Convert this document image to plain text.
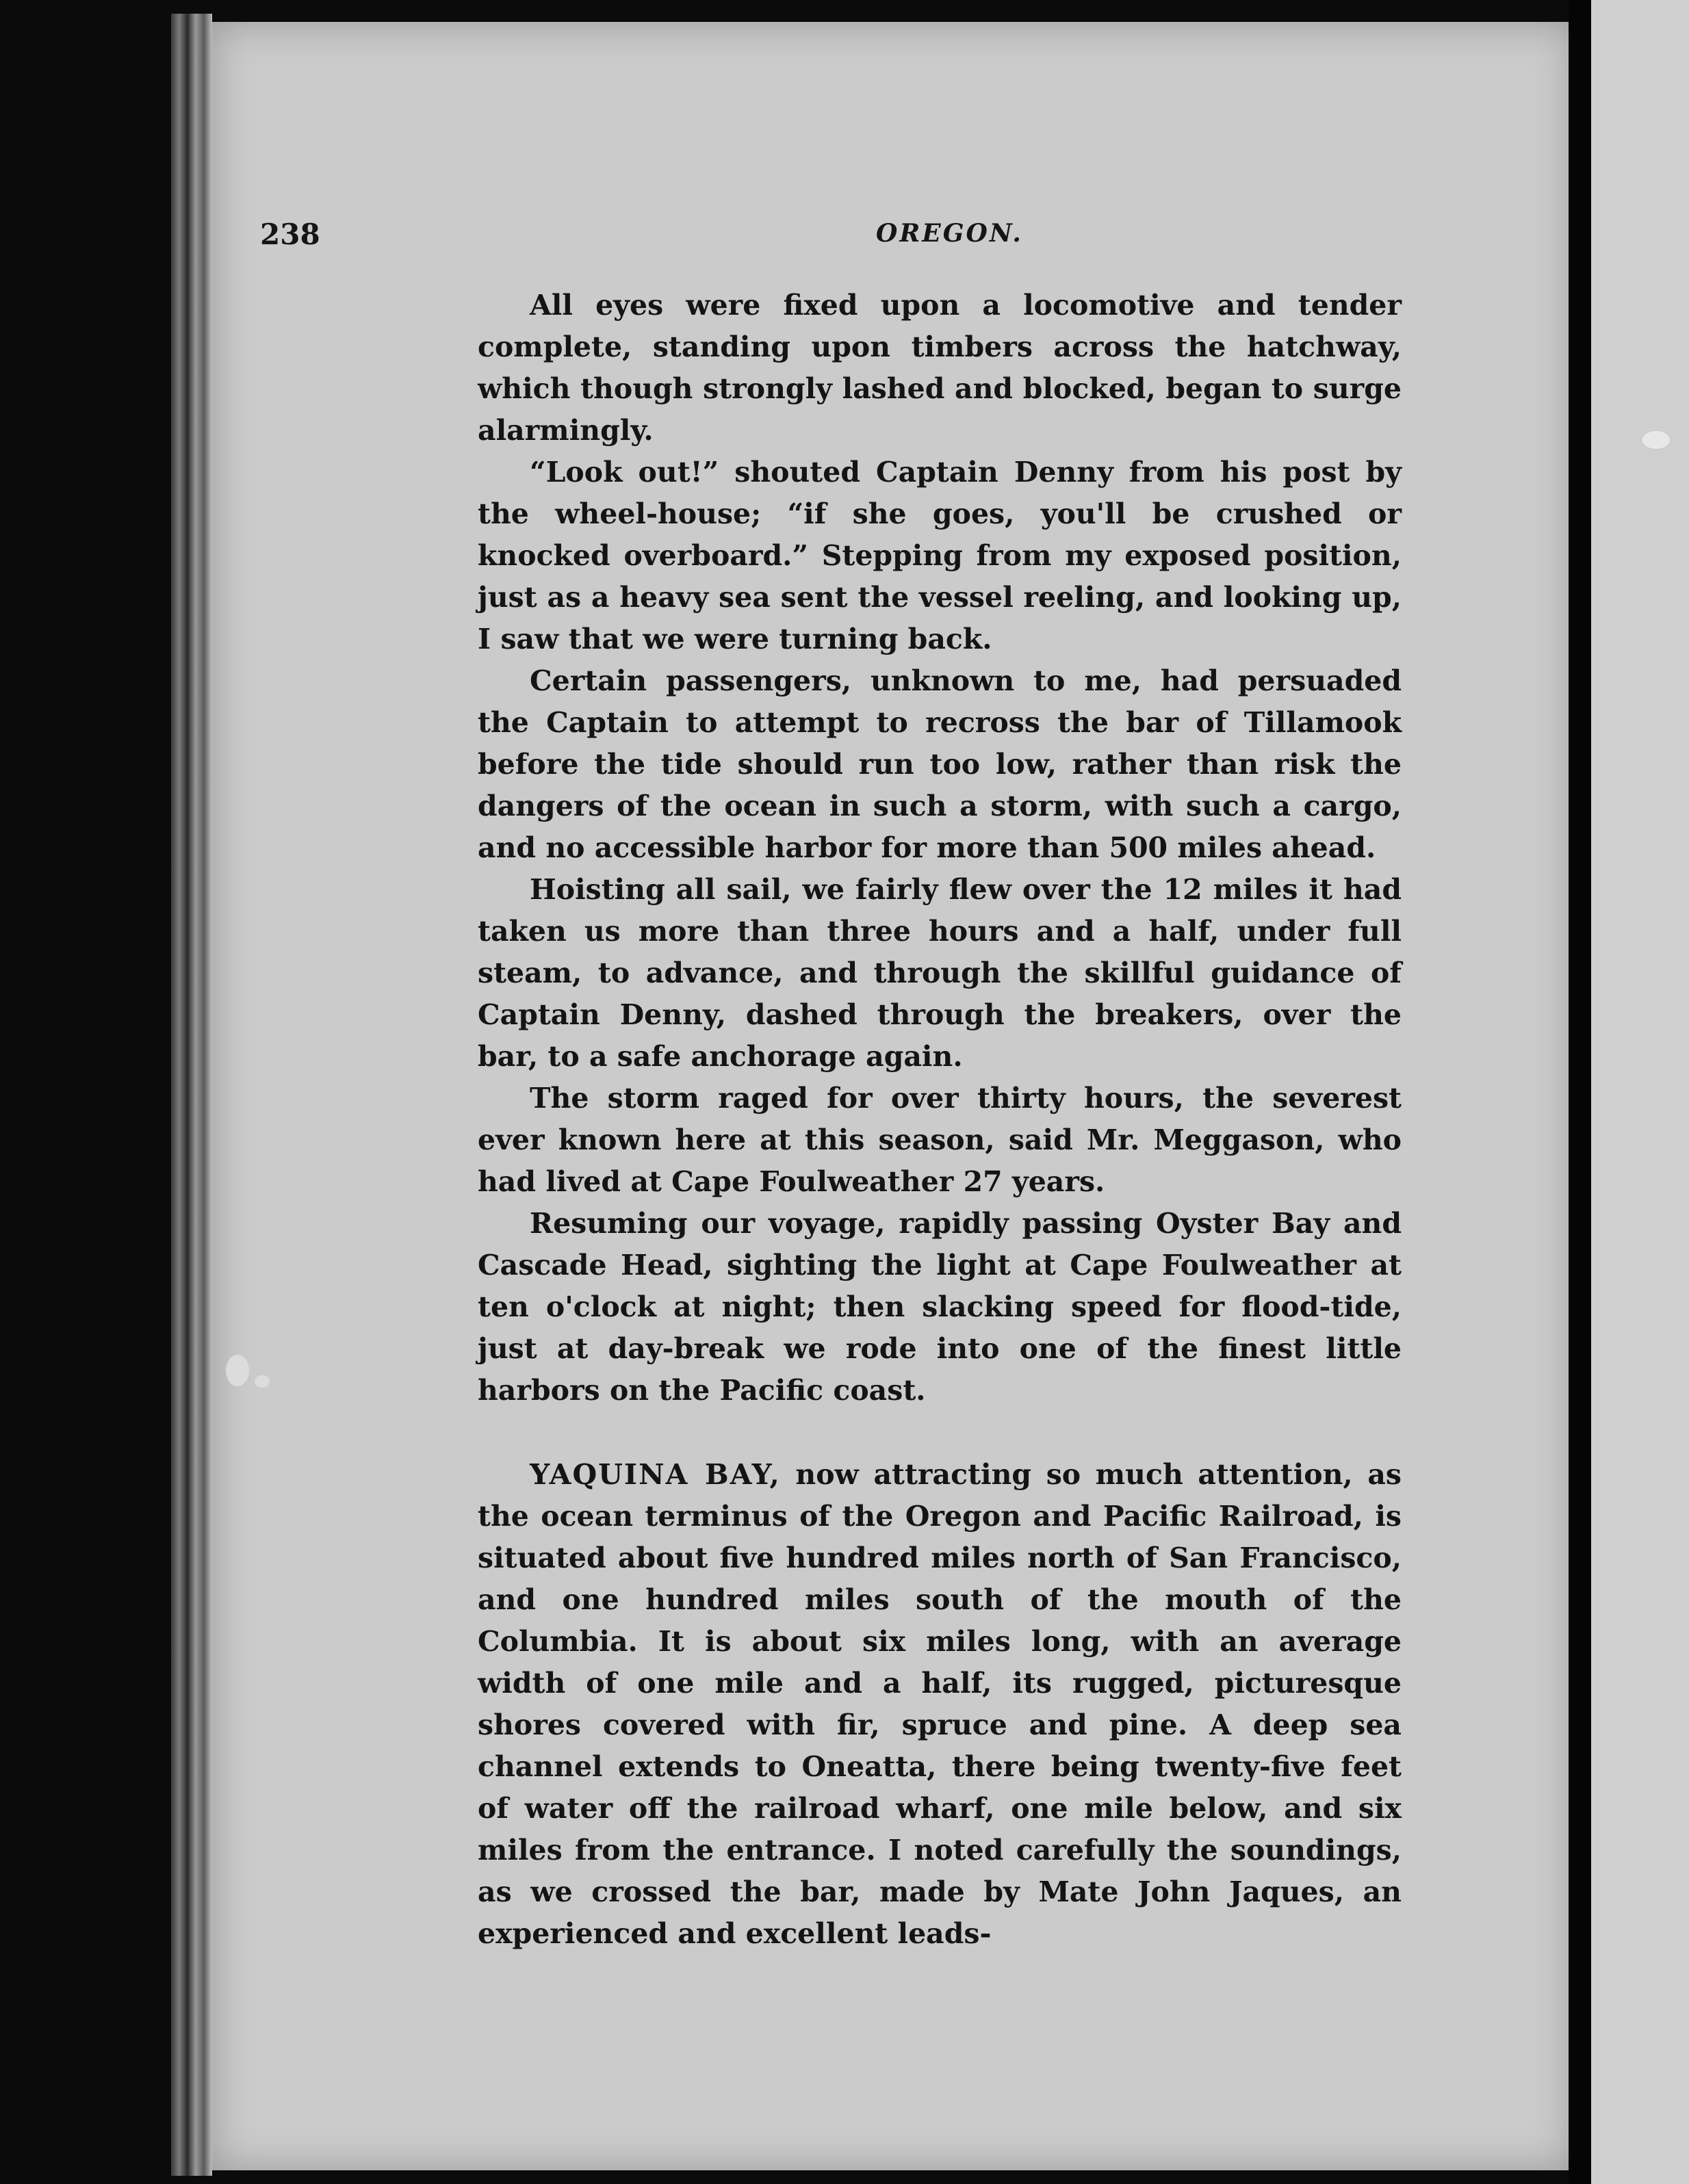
238	OREGON.

All eyes were fixed upon a locomotive and tender complete, standing upon timbers across the hatchway, which though strongly lashed and blocked, began to surge alarmingly.

“Look out!” shouted Captain Denny from his post by the wheel-house; “if she goes, you'll be crushed or knocked overboard.” Stepping from my exposed position, just as a heavy sea sent the vessel reeling, and looking up, I saw that we were turning back.

Certain passengers, unknown to me, had persuaded the Captain to attempt to recross the bar of Tillamook before the tide should run too low, rather than risk the dangers of the ocean in such a storm, with such a cargo, and no accessible harbor for more than 500 miles ahead.

Hoisting all sail, we fairly flew over the 12 miles it had taken us more than three hours and a half, under full steam, to advance, and through the skillful guidance of Captain Denny, dashed through the breakers, over the bar, to a safe anchorage again.

The storm raged for over thirty hours, the severest ever known here at this season, said Mr. Meggason, who had lived at Cape Foulweather 27 years.

Resuming our voyage, rapidly passing Oyster Bay and Cascade Head, sighting the light at Cape Foulweather at ten o'clock at night; then slacking speed for flood-tide, just at day-break we rode into one of the finest little harbors on the Pacific coast.

YAQUINA BAY, now attracting so much attention, as the ocean terminus of the Oregon and Pacific Railroad, is situated about five hundred miles north of San Francisco, and one hundred miles south of the mouth of the Columbia. It is about six miles long, with an average width of one mile and a half, its rugged, picturesque shores covered with fir, spruce and pine. A deep sea channel extends to Oneatta, there being twenty-five feet of water off the railroad wharf, one mile below, and six miles from the entrance. I noted carefully the soundings, as we crossed the bar, made by Mate John Jaques, an experienced and excellent leads-
